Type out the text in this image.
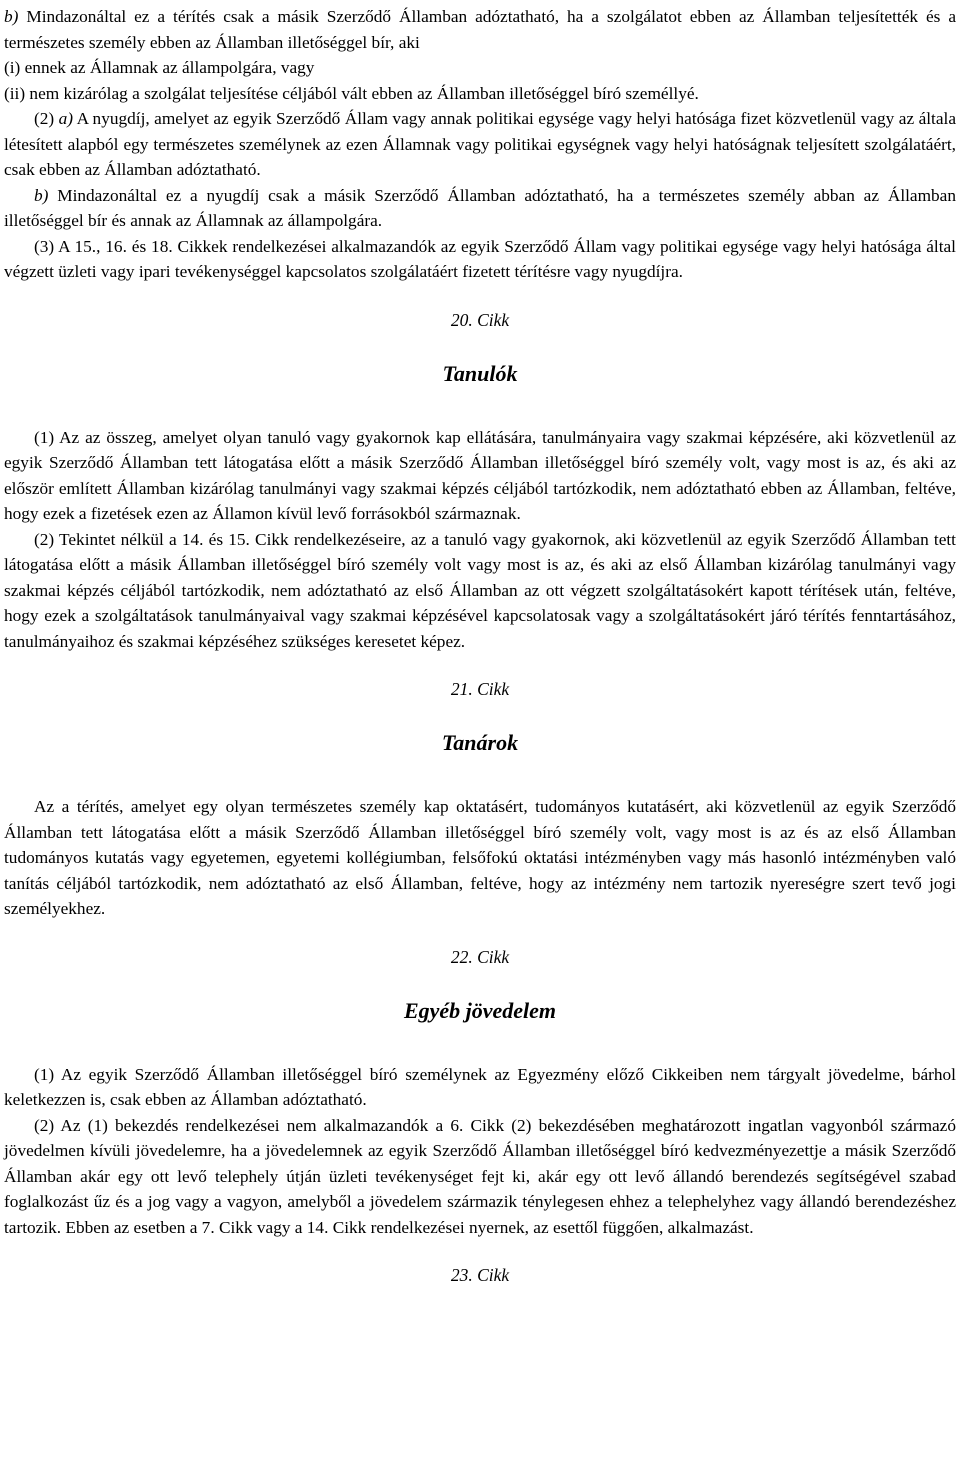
b) Mindazonáltal ez a térítés csak a másik Szerződő Államban adóztatható, ha a szolgálatot ebben az Államban teljesítették és a természetes személy ebben az Államban illetőséggel bír, aki

(i) ennek az Államnak az állampolgára, vagy

(ii) nem kizárólag a szolgálat teljesítése céljából vált ebben az Államban illetőséggel bíró személlyé.

(2) a) A nyugdíj, amelyet az egyik Szerződő Állam vagy annak politikai egysége vagy helyi hatósága fizet közvetlenül vagy az általa létesített alapból egy természetes személynek az ezen Államnak vagy politikai egységnek vagy helyi hatóságnak teljesített szolgálatáért, csak ebben az Államban adóztatható.

b) Mindazonáltal ez a nyugdíj csak a másik Szerződő Államban adóztatható, ha a természetes személy abban az Államban illetőséggel bír és annak az Államnak az állampolgára.

(3) A 15., 16. és 18. Cikkek rendelkezései alkalmazandók az egyik Szerződő Állam vagy politikai egysége vagy helyi hatósága által végzett üzleti vagy ipari tevékenységgel kapcsolatos szolgálatáért fizetett térítésre vagy nyugdíjra.

20. Cikk

Tanulók

(1) Az az összeg, amelyet olyan tanuló vagy gyakornok kap ellátására, tanulmányaira vagy szakmai képzésére, aki közvetlenül az egyik Szerződő Államban tett látogatása előtt a másik Szerződő Államban illetőséggel bíró személy volt, vagy most is az, és aki az először említett Államban kizárólag tanulmányi vagy szakmai képzés céljából tartózkodik, nem adóztatható ebben az Államban, feltéve, hogy ezek a fizetések ezen az Államon kívül levő forrásokból származnak.

(2) Tekintet nélkül a 14. és 15. Cikk rendelkezéseire, az a tanuló vagy gyakornok, aki közvetlenül az egyik Szerződő Államban tett látogatása előtt a másik Államban illetőséggel bíró személy volt vagy most is az, és aki az első Államban kizárólag tanulmányi vagy szakmai képzés céljából tartózkodik, nem adóztatható az első Államban az ott végzett szolgáltatásokért kapott térítések után, feltéve, hogy ezek a szolgáltatások tanulmányaival vagy szakmai képzésével kapcsolatosak vagy a szolgáltatásokért járó térítés fenntartásához, tanulmányaihoz és szakmai képzéséhez szükséges keresetet képez.

21. Cikk

Tanárok

Az a térítés, amelyet egy olyan természetes személy kap oktatásért, tudományos kutatásért, aki közvetlenül az egyik Szerződő Államban tett látogatása előtt a másik Szerződő Államban illetőséggel bíró személy volt, vagy most is az és az első Államban tudományos kutatás vagy egyetemen, egyetemi kollégiumban, felsőfokú oktatási intézményben vagy más hasonló intézményben való tanítás céljából tartózkodik, nem adóztatható az első Államban, feltéve, hogy az intézmény nem tartozik nyereségre szert tevő jogi személyekhez.

22. Cikk

Egyéb jövedelem

(1) Az egyik Szerződő Államban illetőséggel bíró személynek az Egyezmény előző Cikkeiben nem tárgyalt jövedelme, bárhol keletkezzen is, csak ebben az Államban adóztatható.

(2) Az (1) bekezdés rendelkezései nem alkalmazandók a 6. Cikk (2) bekezdésében meghatározott ingatlan vagyonból származó jövedelmen kívüli jövedelemre, ha a jövedelemnek az egyik Szerződő Államban illetőséggel bíró kedvezményezettje a másik Szerződő Államban akár egy ott levő telephely útján üzleti tevékenységet fejt ki, akár egy ott levő állandó berendezés segítségével szabad foglalkozást űz és a jog vagy a vagyon, amelyből a jövedelem származik ténylegesen ehhez a telephelyhez vagy állandó berendezéshez tartozik. Ebben az esetben a 7. Cikk vagy a 14. Cikk rendelkezései nyernek, az esettől függően, alkalmazást.

23. Cikk
